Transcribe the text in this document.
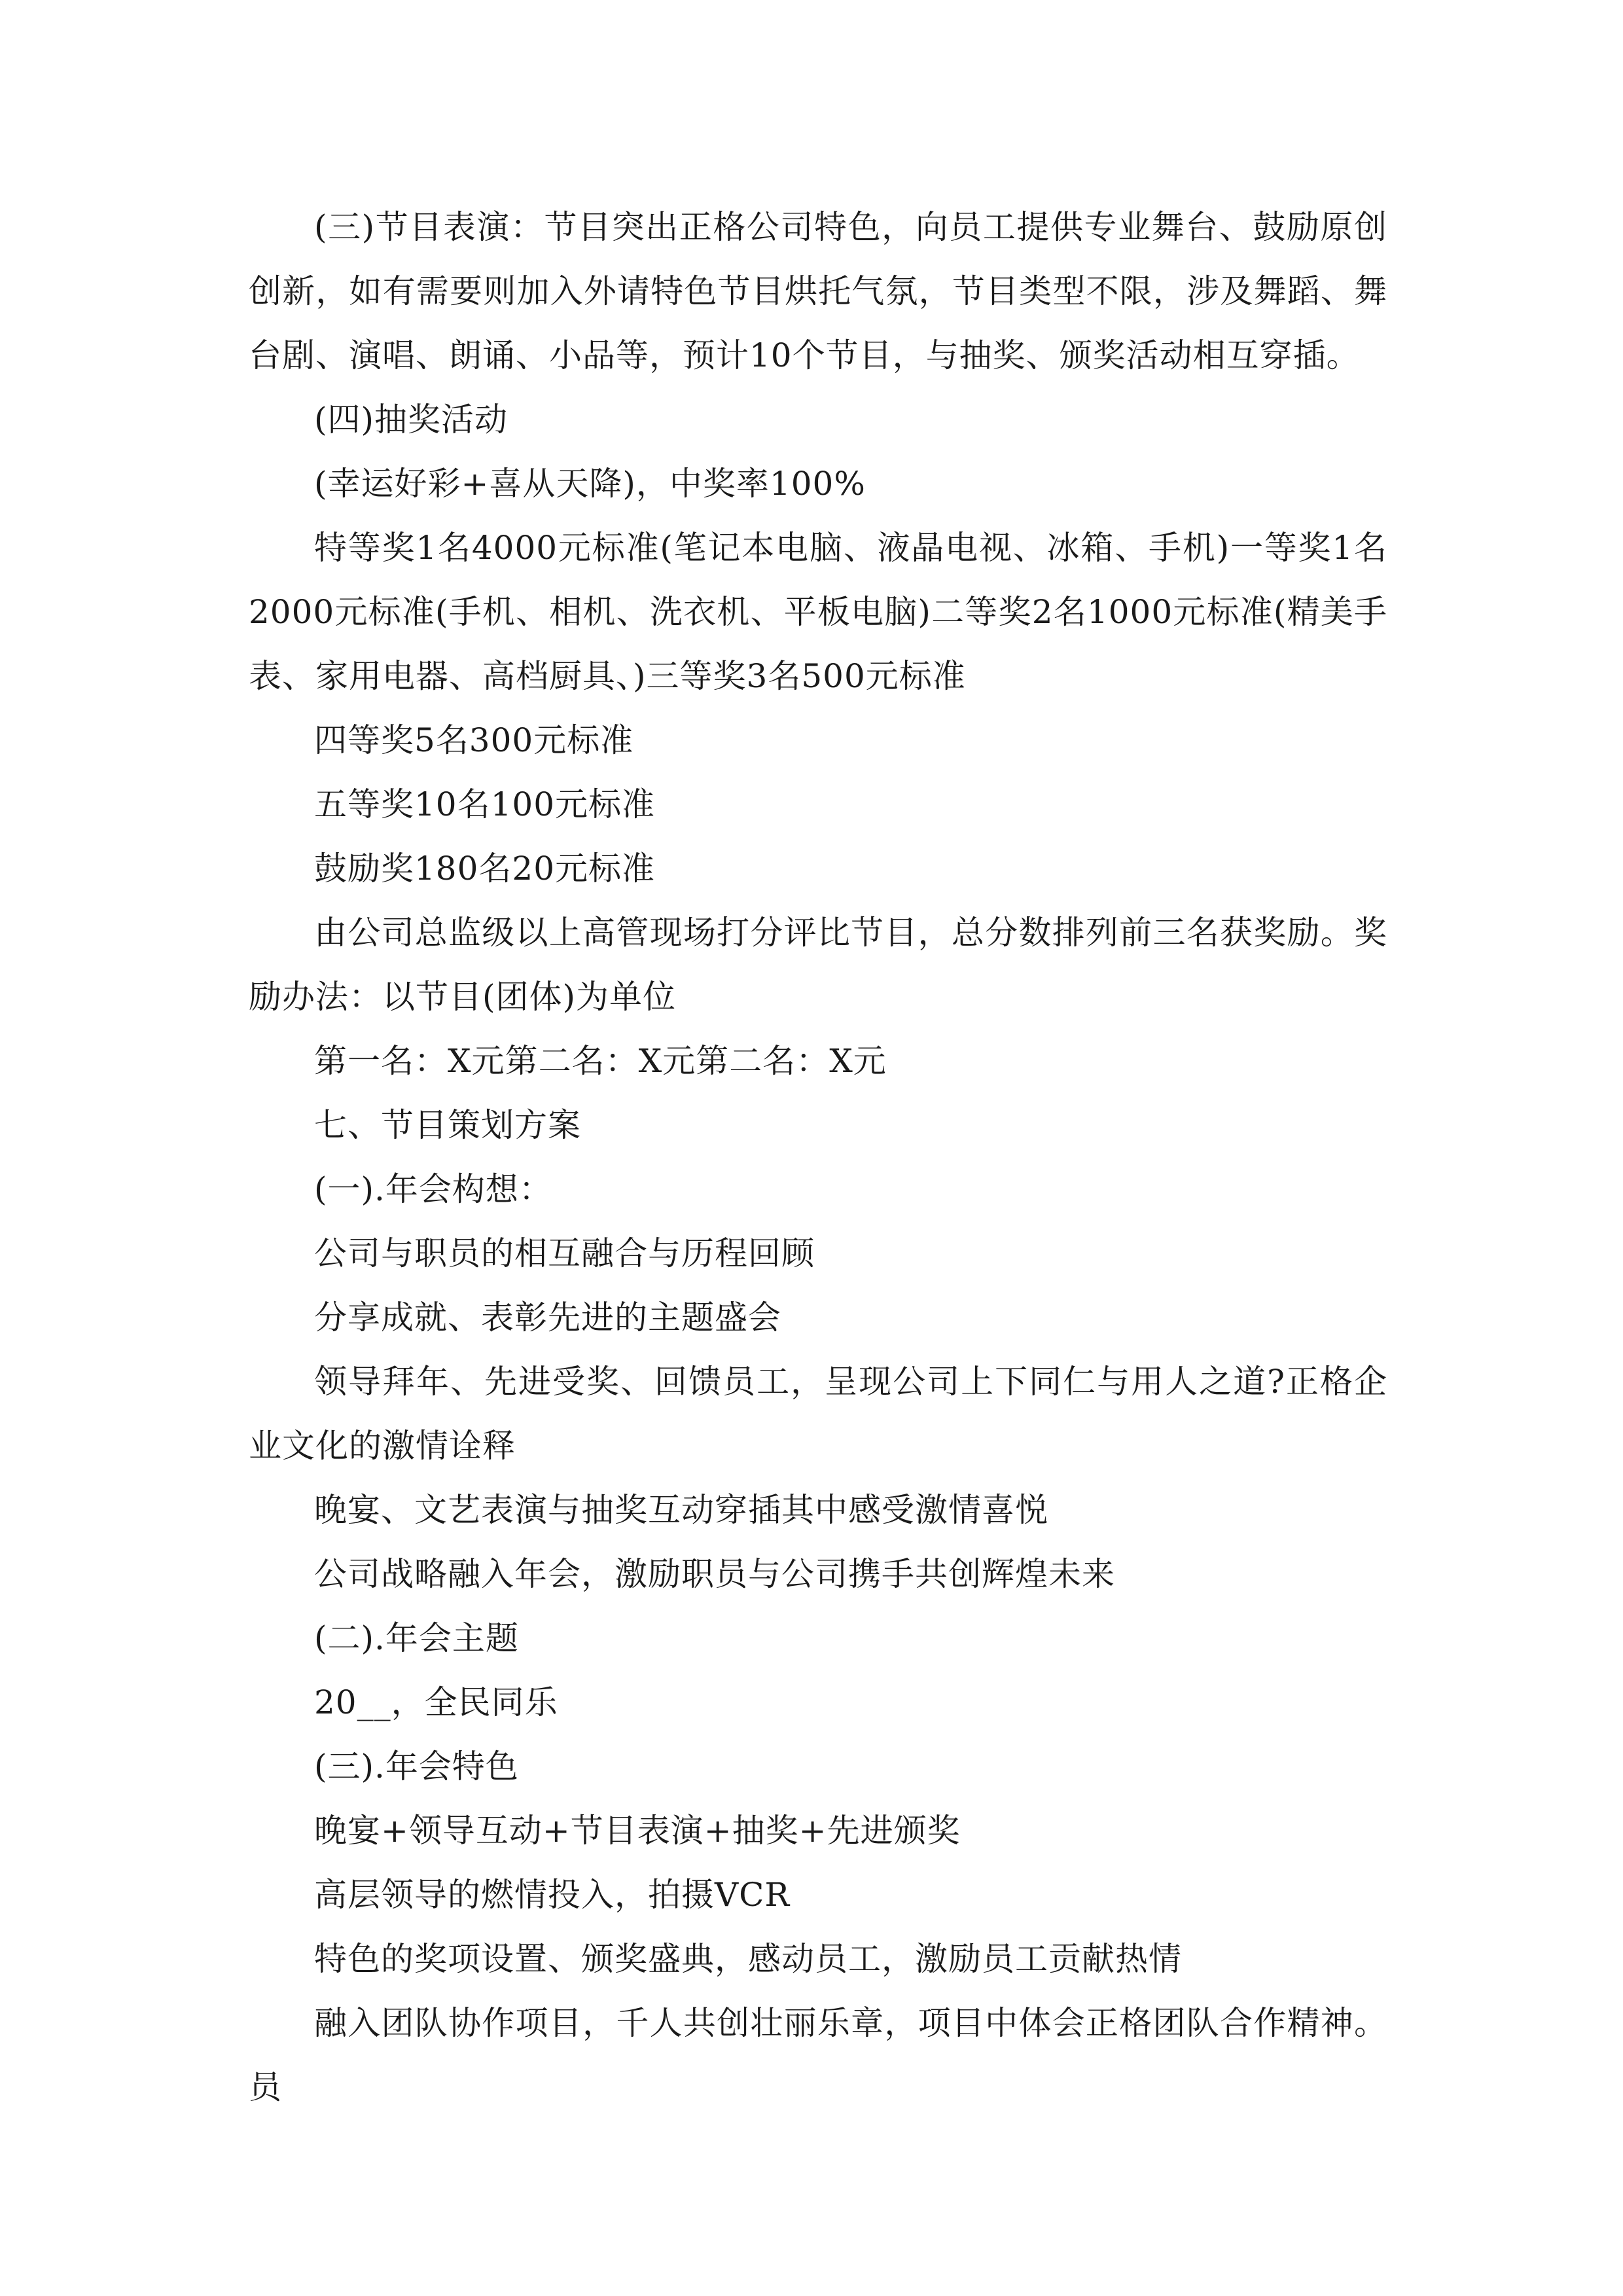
(三)节目表演：节目突出正格公司特色，向员工提供专业舞台、鼓励原创创新，如有需要则加入外请特色节目烘托气氛，节目类型不限，涉及舞蹈、舞台剧、演唱、朗诵、小品等，预计10个节目，与抽奖、颁奖活动相互穿插。

(四)抽奖活动

(幸运好彩+喜从天降)，中奖率100%

特等奖1名4000元标准(笔记本电脑、液晶电视、冰箱、手机)一等奖1名2000元标准(手机、相机、洗衣机、平板电脑)二等奖2名1000元标准(精美手表、家用电器、高档厨具、)三等奖3名500元标准

四等奖5名300元标准

五等奖10名100元标准

鼓励奖180名20元标准

由公司总监级以上高管现场打分评比节目，总分数排列前三名获奖励。奖励办法：以节目(团体)为单位

第一名：X元第二名：X元第二名：X元

七、节目策划方案

(一).年会构想：

公司与职员的相互融合与历程回顾

分享成就、表彰先进的主题盛会

领导拜年、先进受奖、回馈员工，呈现公司上下同仁与用人之道?正格企业文化的激情诠释

晚宴、文艺表演与抽奖互动穿插其中感受激情喜悦

公司战略融入年会，激励职员与公司携手共创辉煌未来

(二).年会主题

20__，全民同乐

(三).年会特色

晚宴+领导互动+节目表演+抽奖+先进颁奖

高层领导的燃情投入，拍摄VCR

特色的奖项设置、颁奖盛典，感动员工，激励员工贡献热情

融入团队协作项目，千人共创壮丽乐章，项目中体会正格团队合作精神。员
